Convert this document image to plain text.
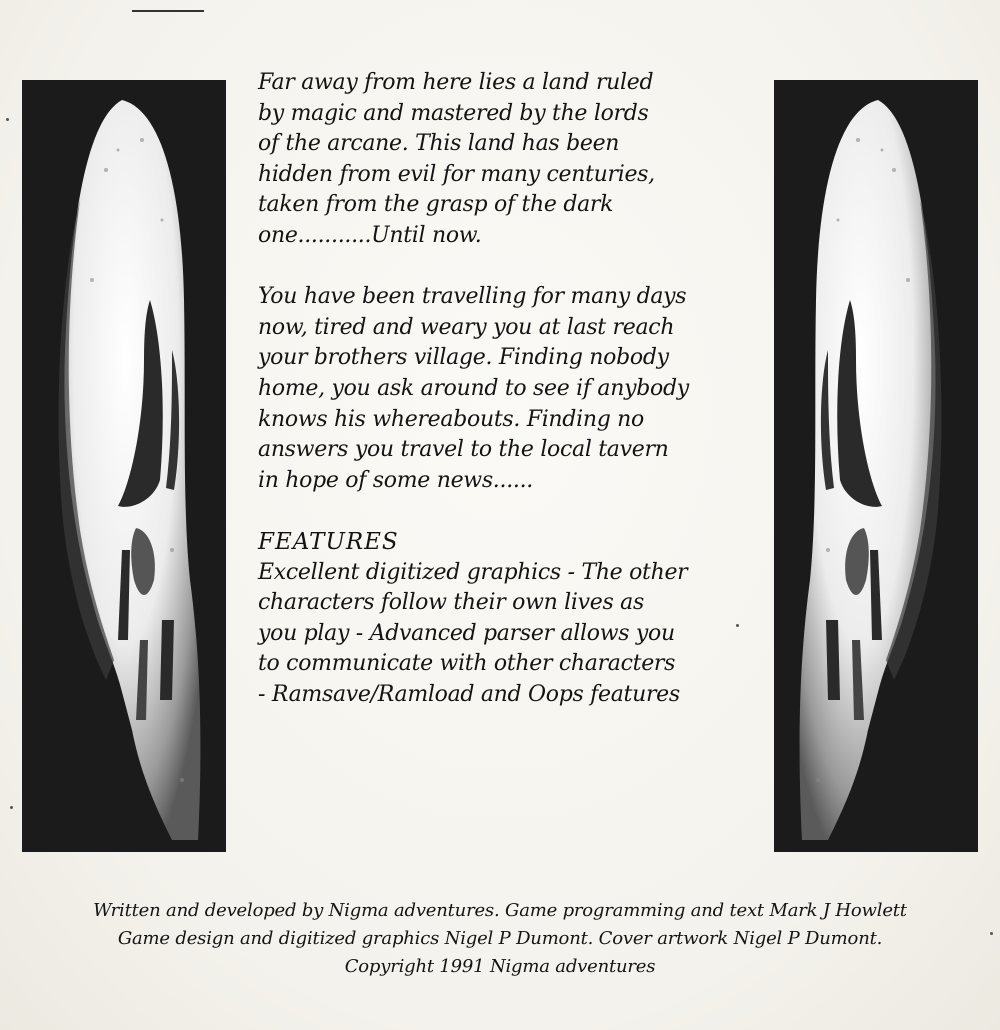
Far away from here lies a land ruled
by magic and mastered by the lords
of the arcane. This land has been
hidden from evil for many centuries,
taken from the grasp of the dark
one...........Until now.
You have been travelling for many days
now, tired and weary you at last reach
your brothers village. Finding nobody
home, you ask around to see if anybody
knows his whereabouts. Finding no
answers you travel to the local tavern
in hope of some news......
FEATURES
Excellent digitized graphics - The other
characters follow their own lives as
you play - Advanced parser allows you
to communicate with other characters
- Ramsave/Ramload and Oops features
Written and developed by Nigma adventures. Game programming and text Mark J Howlett
Game design and digitized graphics Nigel P Dumont. Cover artwork Nigel P Dumont.
Copyright 1991 Nigma adventures
